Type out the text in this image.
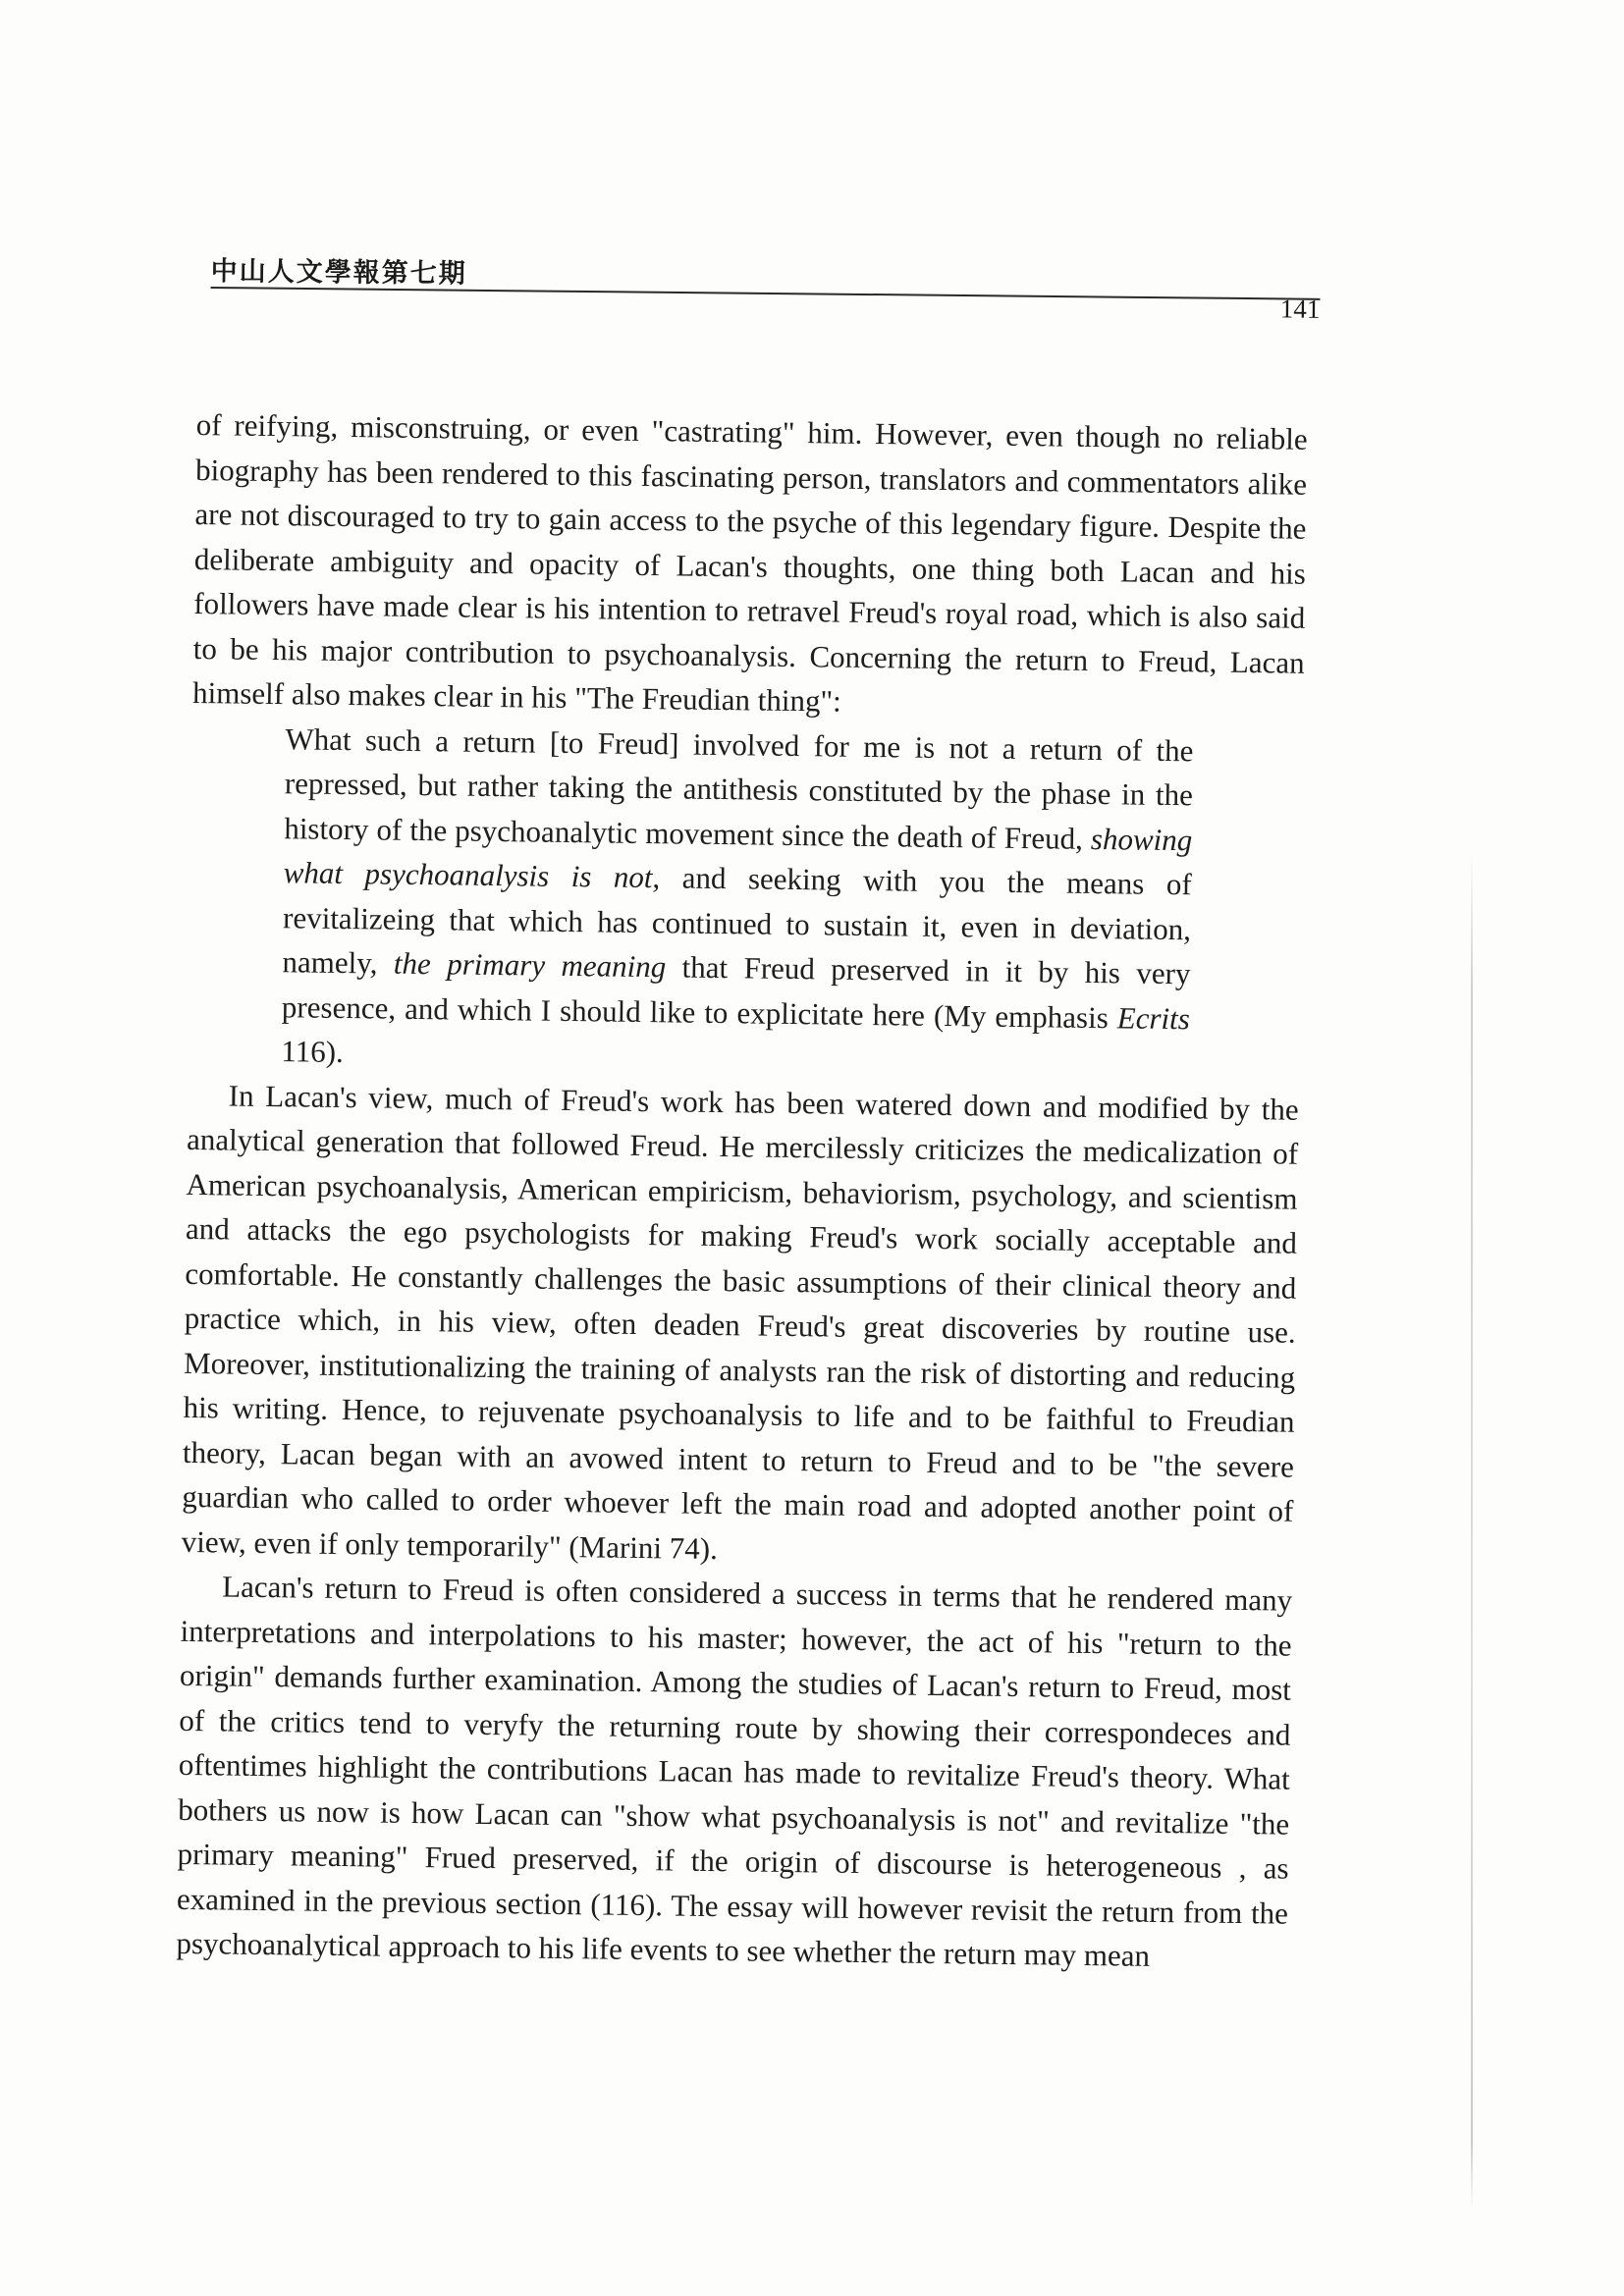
中山人文學報第七期
141

of reifying, misconstruing, or even "castrating" him. However, even though no reliable biography has been rendered to this fascinating person, translators and commentators alike are not discouraged to try to gain access to the psyche of this legendary figure. Despite the deliberate ambiguity and opacity of Lacan's thoughts, one thing both Lacan and his followers have made clear is his intention to retravel Freud's royal road, which is also said to be his major contribution to psychoanalysis. Concerning the return to Freud, Lacan himself also makes clear in his "The Freudian thing":

What such a return [to Freud] involved for me is not a return of the repressed, but rather taking the antithesis constituted by the phase in the history of the psychoanalytic movement since the death of Freud, showing what psychoanalysis is not, and seeking with you the means of revitalizeing that which has continued to sustain it, even in deviation, namely, the primary meaning that Freud preserved in it by his very presence, and which I should like to explicitate here (My emphasis Ecrits 116).

In Lacan's view, much of Freud's work has been watered down and modified by the analytical generation that followed Freud. He mercilessly criticizes the medicalization of American psychoanalysis, American empiricism, behaviorism, psychology, and scientism and attacks the ego psychologists for making Freud's work socially acceptable and comfortable. He constantly challenges the basic assumptions of their clinical theory and practice which, in his view, often deaden Freud's great discoveries by routine use. Moreover, institutionalizing the training of analysts ran the risk of distorting and reducing his writing. Hence, to rejuvenate psychoanalysis to life and to be faithful to Freudian theory, Lacan began with an avowed intent to return to Freud and to be "the severe guardian who called to order whoever left the main road and adopted another point of view, even if only temporarily" (Marini 74).

Lacan's return to Freud is often considered a success in terms that he rendered many interpretations and interpolations to his master; however, the act of his "return to the origin" demands further examination. Among the studies of Lacan's return to Freud, most of the critics tend to veryfy the returning route by showing their correspondeces and oftentimes highlight the contributions Lacan has made to revitalize Freud's theory. What bothers us now is how Lacan can "show what psychoanalysis is not" and revitalize "the primary meaning" Frued preserved, if the origin of discourse is heterogeneous , as examined in the previous section (116). The essay will however revisit the return from the psychoanalytical approach to his life events to see whether the return may mean
